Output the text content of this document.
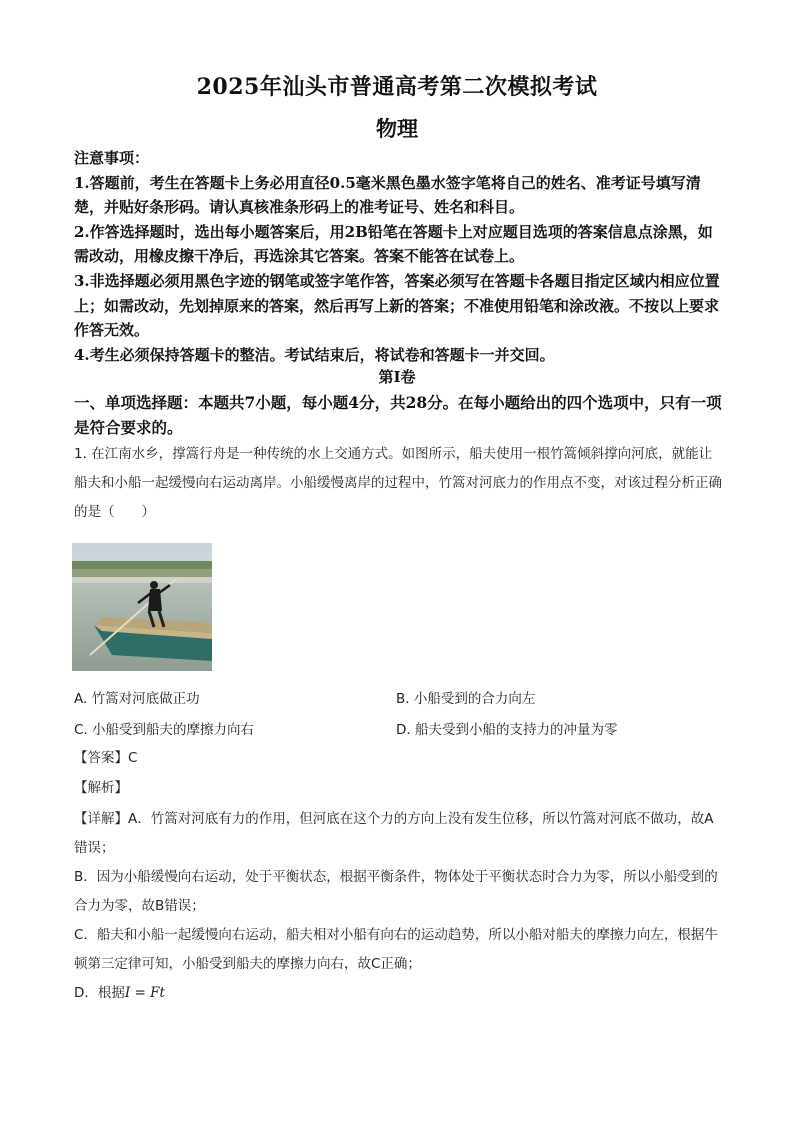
2025年汕头市普通高考第二次模拟考试
物理

注意事项：

1.答题前，考生在答题卡上务必用直径0.5毫米黑色墨水签字笔将自己的姓名、准考证号填写清楚，并贴好条形码。请认真核准条形码上的准考证号、姓名和科目。

2.作答选择题时，选出每小题答案后，用2B铅笔在答题卡上对应题目选项的答案信息点涂黑，如需改动，用橡皮擦干净后，再选涂其它答案。答案不能答在试卷上。

3.非选择题必须用黑色字迹的钢笔或签字笔作答，答案必须写在答题卡各题目指定区域内相应位置上；如需改动，先划掉原来的答案，然后再写上新的答案；不准使用铅笔和涂改液。不按以上要求作答无效。

4.考生必须保持答题卡的整洁。考试结束后，将试卷和答题卡一并交回。

第Ⅰ卷
一、单项选择题：本题共7小题，每小题4分，共28分。在每小题给出的四个选项中，只有一项是符合要求的。
1. 在江南水乡，撑篙行舟是一种传统的水上交通方式。如图所示，船夫使用一根竹篙倾斜撑向河底，就能让船夫和小船一起缓慢向右运动离岸。小船缓慢离岸的过程中，竹篙对河底力的作用点不变，对该过程分析正确的是（　　）
A. 竹篙对河底做正功	B. 小船受到的合力向左
C. 小船受到船夫的摩擦力向右	D. 船夫受到小船的支持力的冲量为零
【答案】C
【解析】
【详解】A．竹篙对河底有力的作用，但河底在这个力的方向上没有发生位移，所以竹篙对河底不做功，故A错误；
B．因为小船缓慢向右运动，处于平衡状态，根据平衡条件，物体处于平衡状态时合力为零，所以小船受到的合力为零，故B错误；
C．船夫和小船一起缓慢向右运动，船夫相对小船有向右的运动趋势，所以小船对船夫的摩擦力向左，根据牛顿第三定律可知，小船受到船夫的摩擦力向右，故C正确；
D．根据I = Ft
